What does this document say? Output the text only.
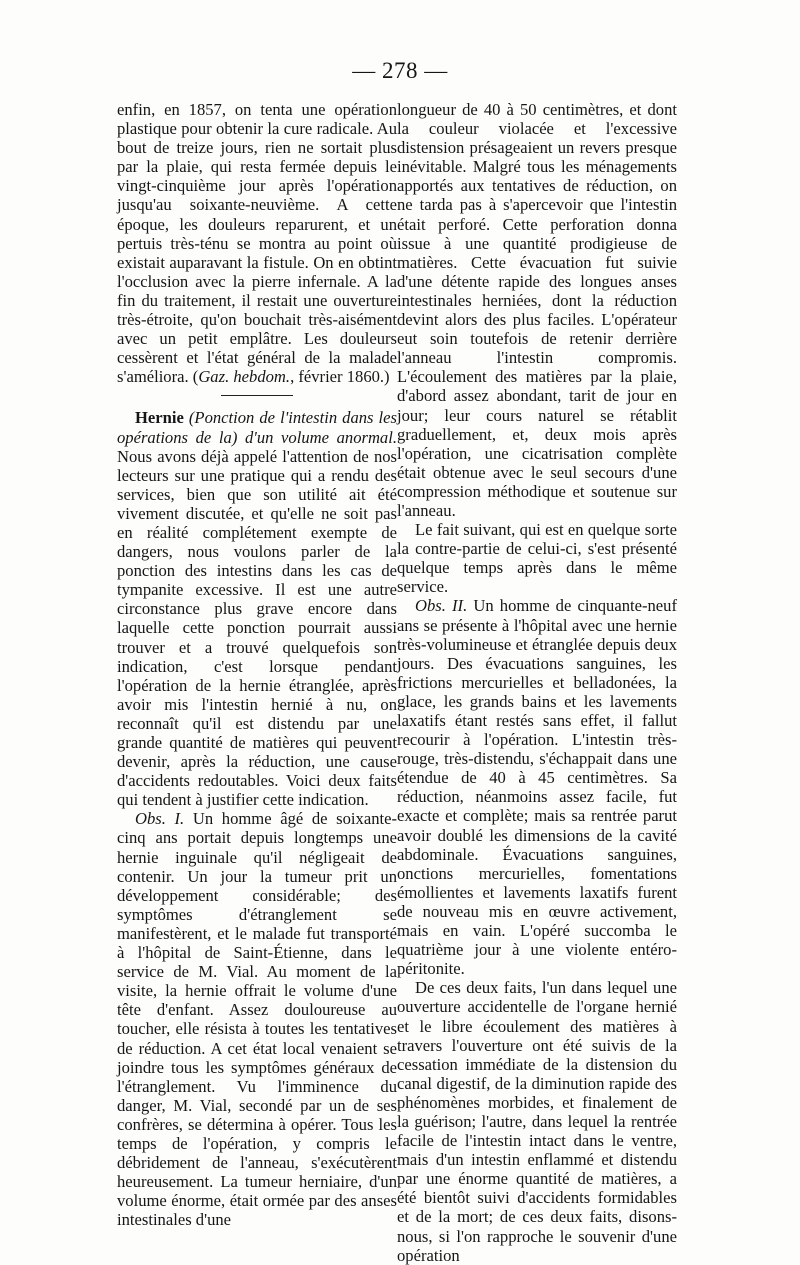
— 278 —

enfin, en 1857, on tenta une opération plastique pour obtenir la cure radicale. Au bout de treize jours, rien ne sortait plus par la plaie, qui resta fermée depuis le vingt-cinquième jour après l'opération jusqu'au soixante-neuvième. A cette époque, les douleurs reparurent, et un pertuis très-ténu se montra au point où existait auparavant la fistule. On en obtint l'occlusion avec la pierre infernale. A la fin du traitement, il restait une ouverture très-étroite, qu'on bouchait très-aisément avec un petit emplâtre. Les douleurs cessèrent et l'état général de la malade s'améliora. (Gaz. hebdom., février 1860.)

Hernie (Ponction de l'intestin dans les opérations de la) d'un volume anormal. Nous avons déjà appelé l'attention de nos lecteurs sur une pratique qui a rendu des services, bien que son utilité ait été vivement discutée, et qu'elle ne soit pas en réalité complétement exempte de dangers, nous voulons parler de la ponction des intestins dans les cas de tympanite excessive. Il est une autre circonstance plus grave encore dans laquelle cette ponction pourrait aussi trouver et a trouvé quelquefois son indication, c'est lorsque pendant l'opération de la hernie étranglée, après avoir mis l'intestin hernié à nu, on reconnaît qu'il est distendu par une grande quantité de matières qui peuvent devenir, après la réduction, une cause d'accidents redoutables. Voici deux faits qui tendent à justifier cette indication.

Obs. I. Un homme âgé de soixante-cinq ans portait depuis longtemps une hernie inguinale qu'il négligeait de contenir. Un jour la tumeur prit un développement considérable; des symptômes d'étranglement se manifestèrent, et le malade fut transporté à l'hôpital de Saint-Étienne, dans le service de M. Vial. Au moment de la visite, la hernie offrait le volume d'une tête d'enfant. Assez douloureuse au toucher, elle résista à toutes les tentatives de réduction. A cet état local venaient se joindre tous les symptômes généraux de l'étranglement. Vu l'imminence du danger, M. Vial, secondé par un de ses confrères, se détermina à opérer. Tous les temps de l'opération, y compris le débridement de l'anneau, s'exécutèrent heureusement. La tumeur herniaire, d'un volume énorme, était ormée par des anses intestinales d'une

longueur de 40 à 50 centimètres, et dont la couleur violacée et l'excessive distension présageaient un revers presque inévitable. Malgré tous les ménagements apportés aux tentatives de réduction, on ne tarda pas à s'apercevoir que l'intestin était perforé. Cette perforation donna issue à une quantité prodigieuse de matières. Cette évacuation fut suivie d'une détente rapide des longues anses intestinales herniées, dont la réduction devint alors des plus faciles. L'opérateur eut soin toutefois de retenir derrière l'anneau l'intestin compromis. L'écoulement des matières par la plaie, d'abord assez abondant, tarit de jour en jour; leur cours naturel se rétablit graduellement, et, deux mois après l'opération, une cicatrisation complète était obtenue avec le seul secours d'une compression méthodique et soutenue sur l'anneau.

Le fait suivant, qui est en quelque sorte la contre-partie de celui-ci, s'est présenté quelque temps après dans le même service.

Obs. II. Un homme de cinquante-neuf ans se présente à l'hôpital avec une hernie très-volumineuse et étranglée depuis deux jours. Des évacuations sanguines, les frictions mercurielles et belladonées, la glace, les grands bains et les lavements laxatifs étant restés sans effet, il fallut recourir à l'opération. L'intestin très-rouge, très-distendu, s'échappait dans une étendue de 40 à 45 centimètres. Sa réduction, néanmoins assez facile, fut exacte et complète; mais sa rentrée parut avoir doublé les dimensions de la cavité abdominale. Évacuations sanguines, onctions mercurielles, fomentations émollientes et lavements laxatifs furent de nouveau mis en œuvre activement, mais en vain. L'opéré succomba le quatrième jour à une violente entéro-péritonite.

De ces deux faits, l'un dans lequel une ouverture accidentelle de l'organe hernié et le libre écoulement des matières à travers l'ouverture ont été suivis de la cessation immédiate de la distension du canal digestif, de la diminution rapide des phénomènes morbides, et finalement de la guérison; l'autre, dans lequel la rentrée facile de l'intestin intact dans le ventre, mais d'un intestin enflammé et distendu par une énorme quantité de matières, a été bientôt suivi d'accidents formidables et de la mort; de ces deux faits, disons-nous, si l'on rapproche le souvenir d'une opération
